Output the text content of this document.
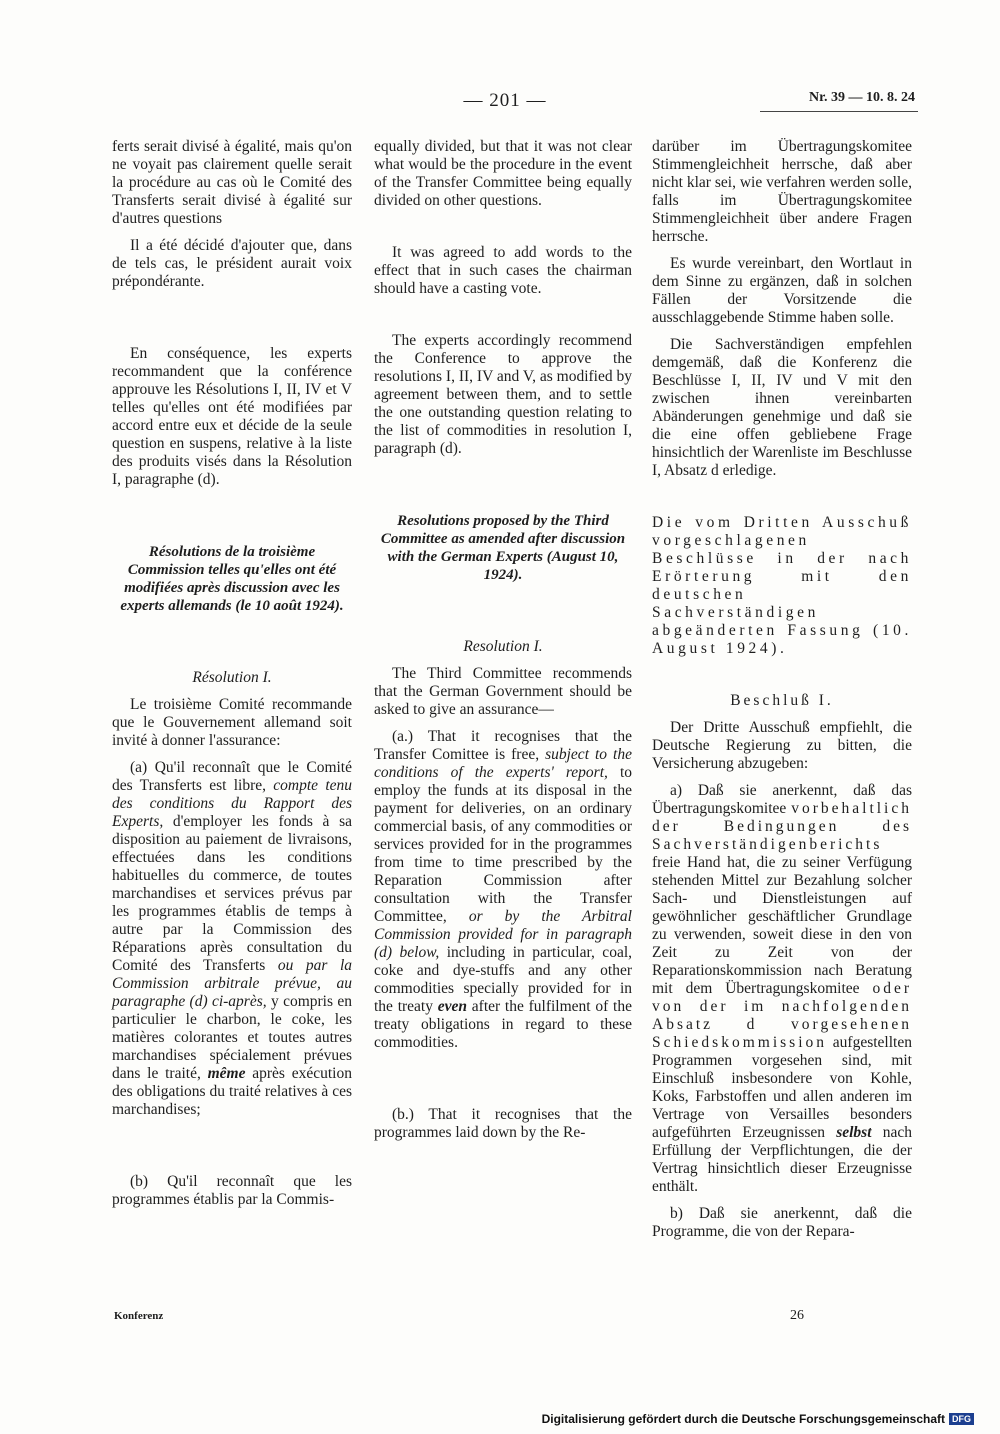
— 201 —	Nr. 39 — 10. 8. 24

ferts serait divisé à égalité, mais qu'on ne voyait pas clairement quelle serait la procédure au cas où le Comité des Transferts serait divisé à égalité sur d'autres questions

Il a été décidé d'ajouter que, dans de tels cas, le président aurait voix prépondérante.

En conséquence, les experts recommandent que la conférence approuve les Résolutions I, II, IV et V telles qu'elles ont été modifiées par accord entre eux et décide de la seule question en suspens, relative à la liste des produits visés dans la Résolution I, paragraphe (d).

Résolutions de la troisième Commission telles qu'elles ont été modifiées après discussion avec les experts allemands (le 10 août 1924).

Résolution I.

Le troisième Comité recommande que le Gouvernement allemand soit invité à donner l'assurance:

(a) Qu'il reconnaît que le Comité des Transferts est libre, compte tenu des conditions du Rapport des Experts, d'employer les fonds à sa disposition au paiement de livraisons, effectuées dans les conditions habituelles du commerce, de toutes marchandises et services prévus par les programmes établis de temps à autre par la Commission des Réparations après consultation du Comité des Transferts ou par la Commission arbitrale prévue, au paragraphe (d) ci-après, y compris en particulier le charbon, le coke, les matières colorantes et toutes autres marchandises spécialement prévues dans le traité, même après exécution des obligations du traité relatives à ces marchandises;

(b) Qu'il reconnaît que les programmes établis par la Commis-

equally divided, but that it was not clear what would be the procedure in the event of the Transfer Committee being equally divided on other questions.

It was agreed to add words to the effect that in such cases the chairman should have a casting vote.

The experts accordingly recommend the Conference to approve the resolutions I, II, IV and V, as modified by agreement between them, and to settle the one outstanding question relating to the list of commodities in resolution I, paragraph (d).

Resolutions proposed by the Third Committee as amended after discussion with the German Experts (August 10, 1924).

Resolution I.

The Third Committee recommends that the German Government should be asked to give an assurance—

(a.) That it recognises that the Transfer Comittee is free, subject to the conditions of the experts' report, to employ the funds at its disposal in the payment for deliveries, on an ordinary commercial basis, of any commodities or services provided for in the programmes from time to time prescribed by the Reparation Commission after consultation with the Transfer Committee, or by the Arbitral Commission provided for in paragraph (d) below, including in particular, coal, coke and dye-stuffs and any other commodities specially provided for in the treaty even after the fulfilment of the treaty obligations in regard to these commodities.

(b.) That it recognises that the programmes laid down by the Re-

darüber im Übertragungskomitee Stimmengleichheit herrsche, daß aber nicht klar sei, wie verfahren werden solle, falls im Übertragungskomitee Stimmengleichheit über andere Fragen herrsche.

Es wurde vereinbart, den Wortlaut in dem Sinne zu ergänzen, daß in solchen Fällen der Vorsitzende die ausschlaggebende Stimme haben solle.

Die Sachverständigen empfehlen demgemäß, daß die Konferenz die Beschlüsse I, II, IV und V mit den zwischen ihnen vereinbarten Abänderungen genehmige und daß sie die eine offen gebliebene Frage hinsichtlich der Warenliste im Beschlusse I, Absatz d erledige.

Die vom Dritten Ausschuß vorgeschlagenen Beschlüsse in der nach Erörterung mit den deutschen Sachverständigen abgeänderten Fassung (10. August 1924).

Beschluß I.

Der Dritte Ausschuß empfiehlt, die Deutsche Regierung zu bitten, die Versicherung abzugeben:

a) Daß sie anerkennt, daß das Übertragungskomitee vorbehaltlich der Bedingungen des Sachverständigenberichts freie Hand hat, die zu seiner Verfügung stehenden Mittel zur Bezahlung solcher Sach- und Dienstleistungen auf gewöhnlicher geschäftlicher Grundlage zu verwenden, soweit diese in den von Zeit zu Zeit von der Reparationskommission nach Beratung mit dem Übertragungskomitee oder von der im nachfolgenden Absatz d vorgesehenen Schiedskommission aufgestellten Programmen vorgesehen sind, mit Einschluß insbesondere von Kohle, Koks, Farbstoffen und allen anderen im Vertrage von Versailles besonders aufgeführten Erzeugnissen selbst nach Erfüllung der Verpflichtungen, die der Vertrag hinsichtlich dieser Erzeugnisse enthält.

b) Daß sie anerkennt, daß die Programme, die von der Repara-

Konferenz	26
Digitalisierung gefördert durch die Deutsche Forschungsgemeinschaft DFG
